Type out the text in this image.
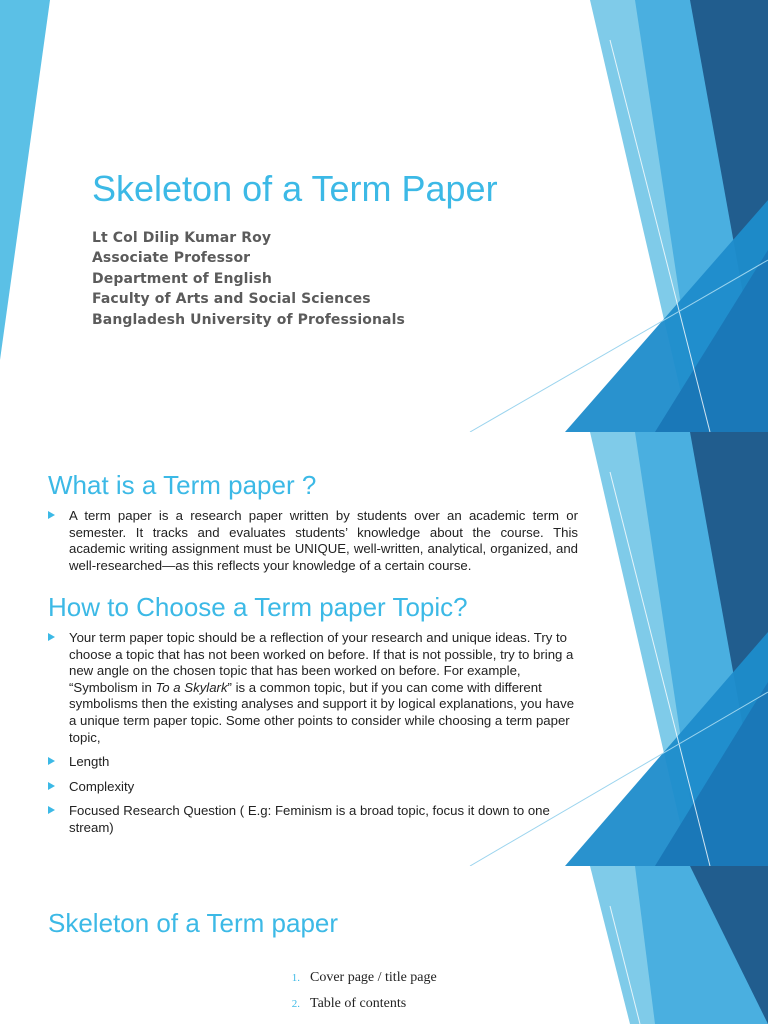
Skeleton of a Term Paper
Lt Col Dilip Kumar Roy
Associate Professor
Department of English
Faculty of Arts and Social Sciences
Bangladesh University of Professionals
What is a Term paper ?
A term paper is a research paper written by students over an academic term or semester. It tracks and evaluates students’ knowledge about the course. This academic writing assignment must be UNIQUE, well-written, analytical, organized, and well-researched—as this reflects your knowledge of a certain course.
How to Choose a Term paper Topic?
Your term paper topic should be a reflection of your research and unique ideas. Try to choose a topic that has not been worked on before. If that is not possible, try to bring a new angle on the chosen topic that has been worked on before. For example, “Symbolism in To a Skylark” is a common topic, but if you can come with different symbolisms then the existing analyses and support it by logical explanations, you have a unique term paper topic. Some other points to consider while choosing a term paper topic,
Length
Complexity
Focused Research Question ( E.g: Feminism is a broad topic, focus it down to one stream)
Skeleton of a Term paper
1. Cover page / title page
2. Table of contents
